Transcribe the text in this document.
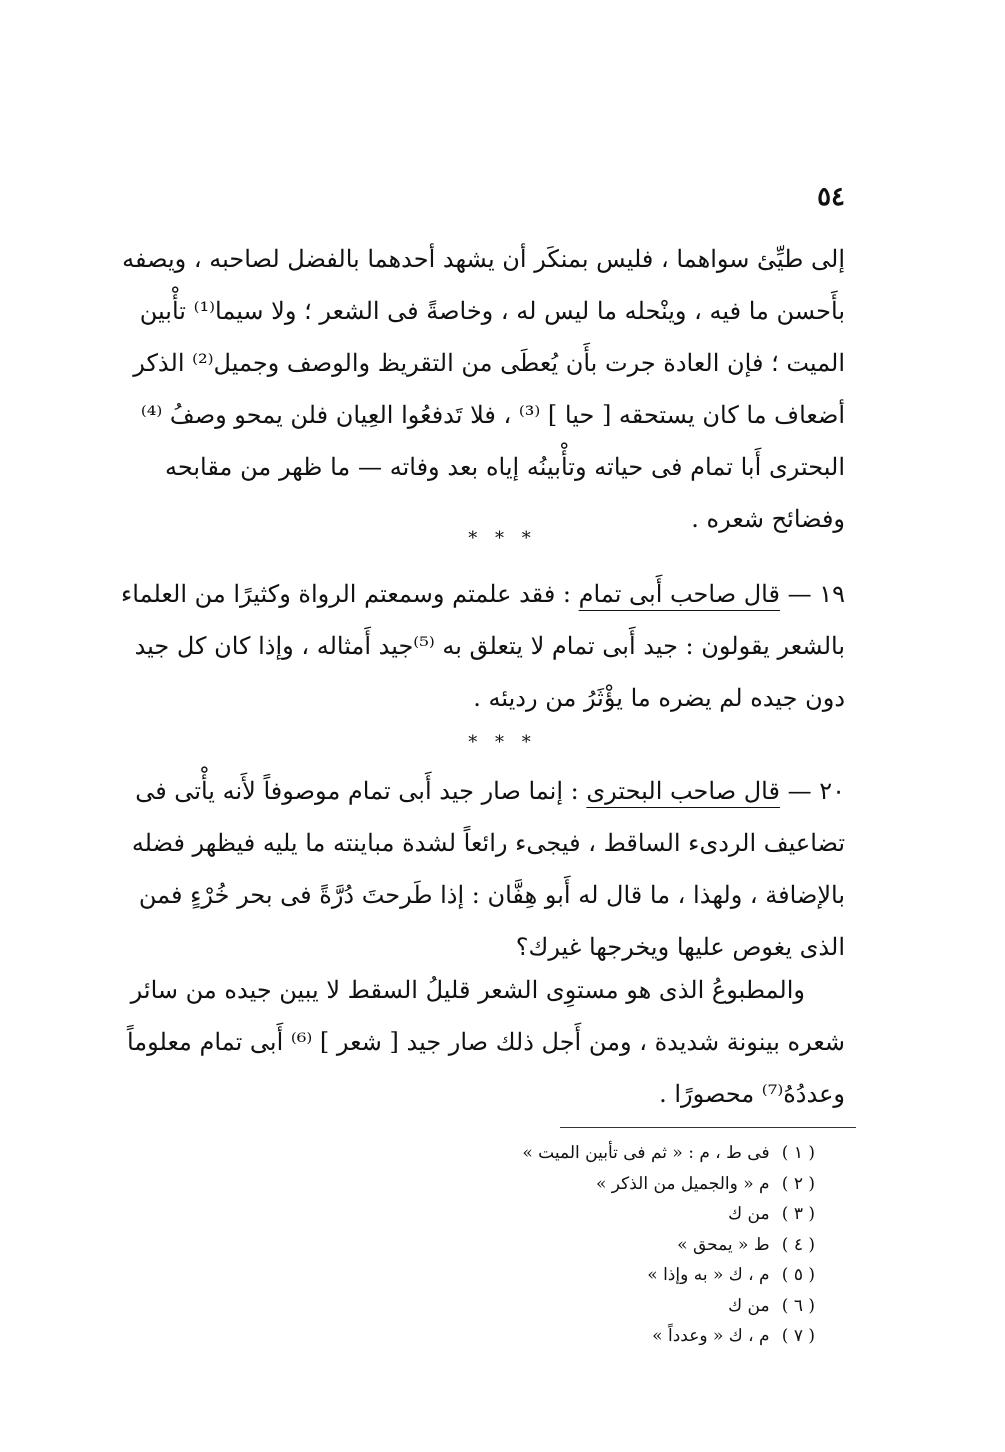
٥٤
إلى طيِّئ سواهما ، فليس بمنكَر أن يشهد أحدهما بالفضل لصاحبه ، ويصفه
بأَحسن ما فيه ، وينْحله ما ليس له ، وخاصةً فى الشعر ؛ ولا سيما⁽¹⁾ تأْبين
الميت ؛ فإن العادة جرت بأَن يُعطَى من التقريظ والوصف وجميل⁽²⁾ الذكر
أضعاف ما كان يستحقه [ حيا ] ⁽³⁾ ، فلا تَدفعُوا العِيان فلن يمحو وصفُ ⁽⁴⁾
البحترى أَبا تمام فى حياته وتأْبينُه إياه بعد وفاته — ما ظهر من مقابحه
وفضائح شعره .
* * *
١٩ — قال صاحب أَبى تمام : فقد علمتم وسمعتم الرواة وكثيرًا من العلماء
بالشعر يقولون : جيد أَبى تمام لا يتعلق به ⁽⁵⁾جيد أَمثاله ، وإذا كان كل جيد
دون جيده لم يضره ما يؤْثَرُ من رديئه .
* * *
٢٠ — قال صاحب البحترى : إنما صار جيد أَبى تمام موصوفاً لأَنه يأْتى فى
تضاعيف الردىء الساقط ، فيجىء رائعاً لشدة مباينته ما يليه فيظهر فضله
بالإضافة ، ولهذا ، ما قال له أَبو هِفَّان : إذا طَرحتَ دُرَّةً فى بحر خُرْءٍ فمن
الذى يغوص عليها ويخرجها غيرك؟
والمطبوعُ الذى هو مستوِى الشعر قليلُ السقط لا يبين جيده من سائر
شعره بينونة شديدة ، ومن أَجل ذلك صار جيد [ شعر ] ⁽⁶⁾ أَبى تمام معلوماً
وعددُهُ⁽⁷⁾ محصورًا .
( ١ ) فى ط ، م : « ثم فى تأبين الميت »
( ٢ ) م « والجميل من الذكر »
( ٣ ) من ك
( ٤ ) ط « يمحق »
( ٥ ) م ، ك « به وإذا »
( ٦ ) من ك
( ٧ ) م ، ك « وعدداً »
